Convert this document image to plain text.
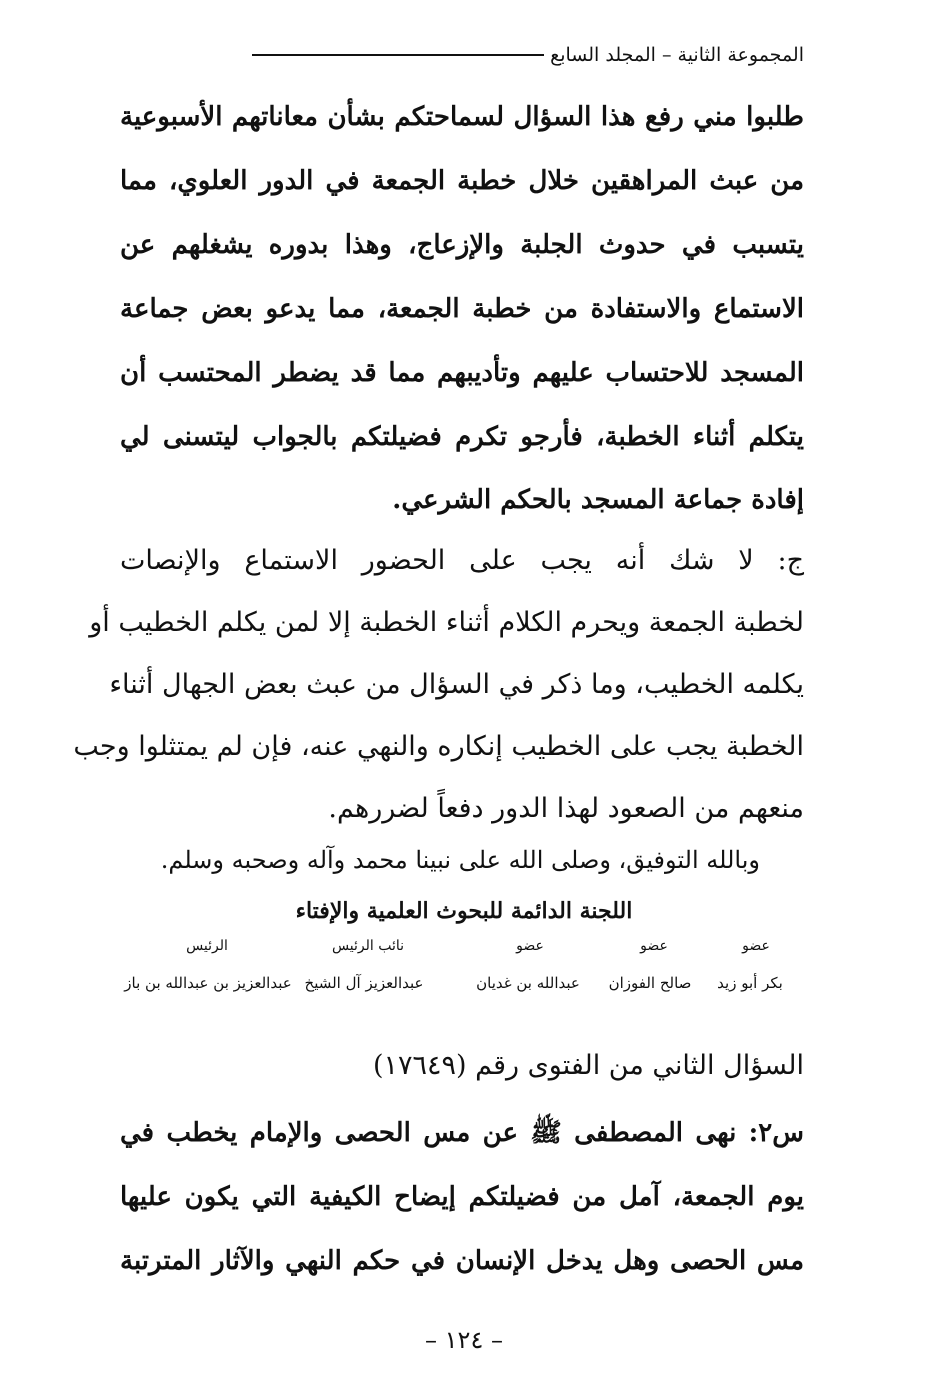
المجموعة الثانية – المجلد السابع
طلبوا مني رفع هذا السؤال لسماحتكم بشأن معاناتهم الأسبوعية
من عبث المراهقين خلال خطبة الجمعة في الدور العلوي، مما
يتسبب في حدوث الجلبة والإزعاج، وهذا بدوره يشغلهم عن
الاستماع والاستفادة من خطبة الجمعة، مما يدعو بعض جماعة
المسجد للاحتساب عليهم وتأديبهم مما قد يضطر المحتسب أن
يتكلم أثناء الخطبة، فأرجو تكرم فضيلتكم بالجواب ليتسنى لي
إفادة جماعة المسجد بالحكم الشرعي.
ج: لا شك أنه يجب على الحضور الاستماع والإنصات
لخطبة الجمعة ويحرم الكلام أثناء الخطبة إلا لمن يكلم الخطيب أو
يكلمه الخطيب، وما ذكر في السؤال من عبث بعض الجهال أثناء
الخطبة يجب على الخطيب إنكاره والنهي عنه، فإن لم يمتثلوا وجب
منعهم من الصعود لهذا الدور دفعاً لضررهم.
وبالله التوفيق، وصلى الله على نبينا محمد وآله وصحبه وسلم.
اللجنة الدائمة للبحوث العلمية والإفتاء
عضو
عضو
عضو
نائب الرئيس
الرئيس
بكر أبو زيد
صالح الفوزان
عبدالله بن غديان
عبدالعزيز آل الشيخ
عبدالعزيز بن عبدالله بن باز
السؤال الثاني من الفتوى رقم (١٧٦٤٩)
س٢: نهى المصطفى ﷺ عن مس الحصى والإمام يخطب في
يوم الجمعة، آمل من فضيلتكم إيضاح الكيفية التي يكون عليها
مس الحصى وهل يدخل الإنسان في حكم النهي والآثار المترتبة
– ١٢٤ –
